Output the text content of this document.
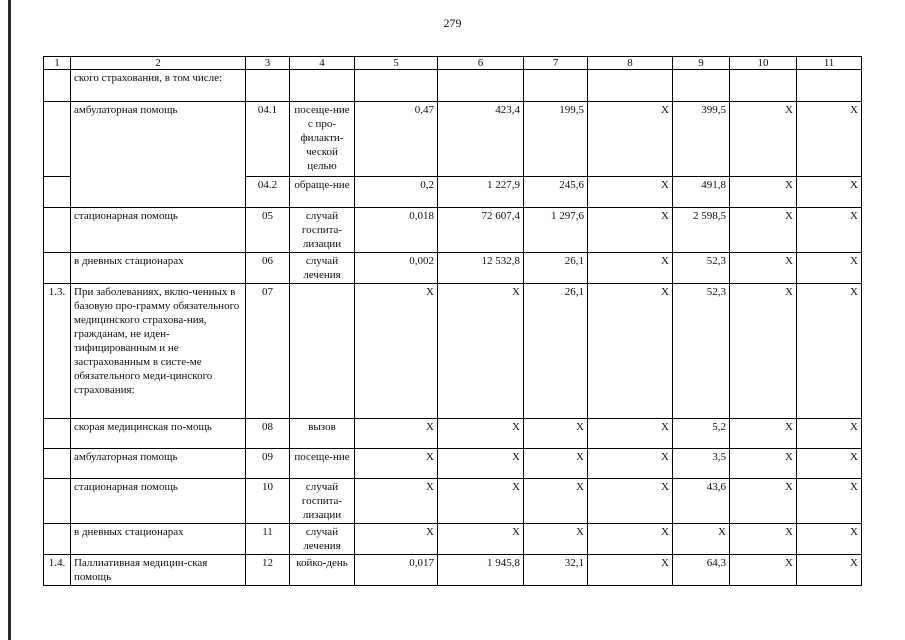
279
1	2	3	4	5	6	7	8	9	10	11
	ского страхования, в том числе:									
	амбулаторная помощь	04.1	посеще-ние с про-филакти-ческой целью	0,47	423,4	199,5	Х	399,5	Х	Х
		04.2	обраще-ние	0,2	1 227,9	245,6	Х	491,8	Х	Х
	стационарная помощь	05	случай госпита-лизации	0,018	72 607,4	1 297,6	Х	2 598,5	Х	Х
	в дневных стационарах	06	случай лечения	0,002	12 532,8	26,1	Х	52,3	Х	Х
1.3.	При заболеваниях, вклю-ченных в базовую про-грамму обязательного медицинского страхова-ния, гражданам, не иден-тифицированным и не застрахованным в систе-ме обязательного меди-цинского страхования:	07		Х	Х	26,1	Х	52,3	Х	Х
	скорая медицинская по-мощь	08	вызов	Х	Х	Х	Х	5,2	Х	Х
	амбулаторная помощь	09	посеще-ние	Х	Х	Х	Х	3,5	Х	Х
	стационарная помощь	10	случай госпита-лизации	Х	Х	Х	Х	43,6	Х	Х
	в дневных стационарах	11	случай лечения	Х	Х	Х	Х	Х	Х	Х
1.4.	Паллиативная медицин-ская помощь	12	койко-день	0,017	1 945,8	32,1	Х	64,3	Х	Х
